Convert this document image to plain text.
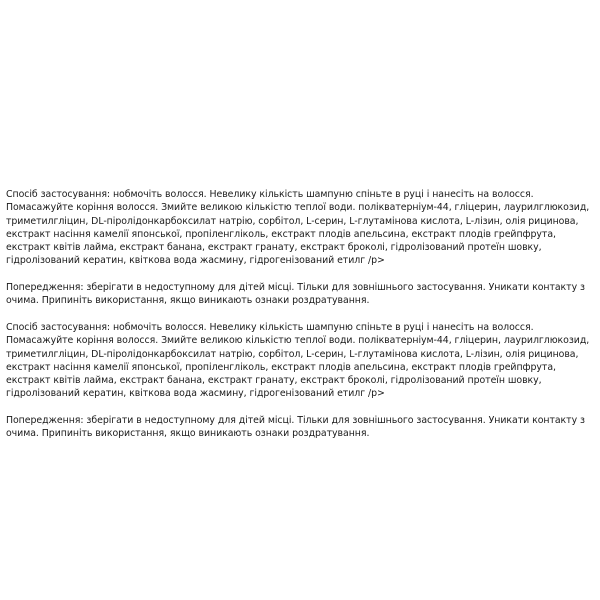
Спосіб застосування: нобмочіть волосся. Невелику кількість шампуню спіньте в руці і нанесіть на волосся. Помасажуйте коріння волосся. Змийте великою кількістю теплої води. полікватерніум-44, гліцерин, лаурилглюкозид, триметилгліцин, DL-піролідонкарбоксилат натрію, сорбітол, L-серин, L-глутамінова кислота, L-лізин, олія рицинова, екстракт насіння камелії японської, пропіленгліколь, екстракт плодів апельсина, екстракт плодів грейпфрута, екстракт квітів лайма, екстракт банана, екстракт гранату, екстракт броколі, гідролізований протеїн шовку, гідролізований кератин, квіткова вода жасмину, гідрогенізований етилг /p>

Попередження: зберігати в недоступному для дітей місці. Тільки для зовнішнього застосування. Уникати контакту з очима. Припиніть використання, якщо виникають ознаки роздратування.

Спосіб застосування: нобмочіть волосся. Невелику кількість шампуню спіньте в руці і нанесіть на волосся. Помасажуйте коріння волосся. Змийте великою кількістю теплої води. полікватерніум-44, гліцерин, лаурилглюкозид, триметилгліцин, DL-піролідонкарбоксилат натрію, сорбітол, L-серин, L-глутамінова кислота, L-лізин, олія рицинова, екстракт насіння камелії японської, пропіленгліколь, екстракт плодів апельсина, екстракт плодів грейпфрута, екстракт квітів лайма, екстракт банана, екстракт гранату, екстракт броколі, гідролізований протеїн шовку, гідролізований кератин, квіткова вода жасмину, гідрогенізований етилг /p>

Попередження: зберігати в недоступному для дітей місці. Тільки для зовнішнього застосування. Уникати контакту з очима. Припиніть використання, якщо виникають ознаки роздратування.
